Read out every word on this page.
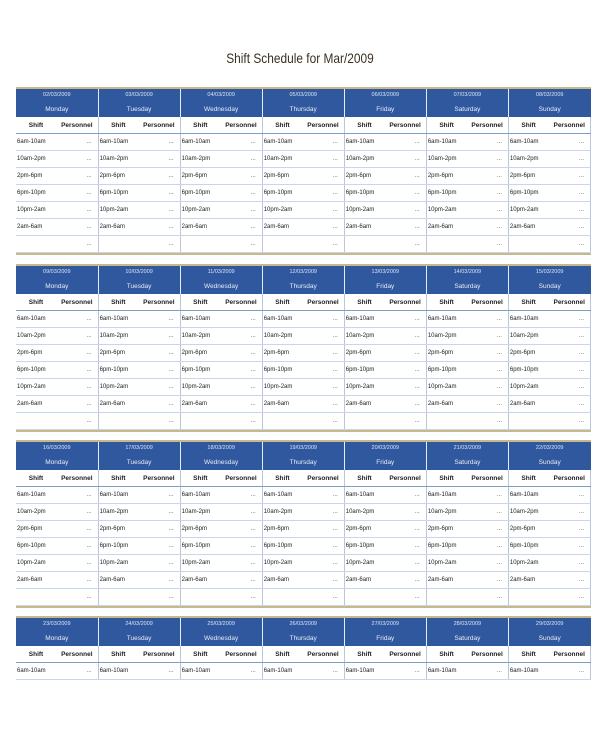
Shift Schedule for Mar/2009
02/03/2009		03/03/2009		04/03/2009		05/03/2009		06/03/2009		07/03/2009		08/03/2009	
Monday		Tuesday		Wednesday		Thursday		Friday		Saturday		Sunday	
Shift	Personnel	Shift	Personnel	Shift	Personnel	Shift	Personnel	Shift	Personnel	Shift	Personnel	Shift	Personnel
6am-10am	...	6am-10am	...	6am-10am	...	6am-10am	...	6am-10am	...	6am-10am	...	6am-10am	...
10am-2pm	...	10am-2pm	...	10am-2pm	...	10am-2pm	...	10am-2pm	...	10am-2pm	...	10am-2pm	...
2pm-6pm	...	2pm-6pm	...	2pm-6pm	...	2pm-6pm	...	2pm-6pm	...	2pm-6pm	...	2pm-6pm	...
6pm-10pm	...	6pm-10pm	...	6pm-10pm	...	6pm-10pm	...	6pm-10pm	...	6pm-10pm	...	6pm-10pm	...
10pm-2am	...	10pm-2am	...	10pm-2am	...	10pm-2am	...	10pm-2am	...	10pm-2am	...	10pm-2am	...
2am-6am	...	2am-6am	...	2am-6am	...	2am-6am	...	2am-6am	...	2am-6am	...	2am-6am	...
	...		...		...		...		...		...		...
09/03/2009		10/03/2009		11/03/2009		12/03/2009		13/03/2009		14/03/2009		15/03/2009	
Monday		Tuesday		Wednesday		Thursday		Friday		Saturday		Sunday	
Shift	Personnel	Shift	Personnel	Shift	Personnel	Shift	Personnel	Shift	Personnel	Shift	Personnel	Shift	Personnel
6am-10am	...	6am-10am	...	6am-10am	...	6am-10am	...	6am-10am	...	6am-10am	...	6am-10am	...
10am-2pm	...	10am-2pm	...	10am-2pm	...	10am-2pm	...	10am-2pm	...	10am-2pm	...	10am-2pm	...
2pm-6pm	...	2pm-6pm	...	2pm-6pm	...	2pm-6pm	...	2pm-6pm	...	2pm-6pm	...	2pm-6pm	...
6pm-10pm	...	6pm-10pm	...	6pm-10pm	...	6pm-10pm	...	6pm-10pm	...	6pm-10pm	...	6pm-10pm	...
10pm-2am	...	10pm-2am	...	10pm-2am	...	10pm-2am	...	10pm-2am	...	10pm-2am	...	10pm-2am	...
2am-6am	...	2am-6am	...	2am-6am	...	2am-6am	...	2am-6am	...	2am-6am	...	2am-6am	...
	...		...		...		...		...		...		...
16/03/2009		17/03/2009		18/03/2009		19/03/2009		20/03/2009		21/03/2009		22/03/2009	
Monday		Tuesday		Wednesday		Thursday		Friday		Saturday		Sunday	
Shift	Personnel	Shift	Personnel	Shift	Personnel	Shift	Personnel	Shift	Personnel	Shift	Personnel	Shift	Personnel
6am-10am	...	6am-10am	...	6am-10am	...	6am-10am	...	6am-10am	...	6am-10am	...	6am-10am	...
10am-2pm	...	10am-2pm	...	10am-2pm	...	10am-2pm	...	10am-2pm	...	10am-2pm	...	10am-2pm	...
2pm-6pm	...	2pm-6pm	...	2pm-6pm	...	2pm-6pm	...	2pm-6pm	...	2pm-6pm	...	2pm-6pm	...
6pm-10pm	...	6pm-10pm	...	6pm-10pm	...	6pm-10pm	...	6pm-10pm	...	6pm-10pm	...	6pm-10pm	...
10pm-2am	...	10pm-2am	...	10pm-2am	...	10pm-2am	...	10pm-2am	...	10pm-2am	...	10pm-2am	...
2am-6am	...	2am-6am	...	2am-6am	...	2am-6am	...	2am-6am	...	2am-6am	...	2am-6am	...
	...		...		...		...		...		...		...
23/03/2009		24/03/2009		25/03/2009		26/03/2009		27/03/2009		28/03/2009		29/03/2009	
Monday		Tuesday		Wednesday		Thursday		Friday		Saturday		Sunday	
Shift	Personnel	Shift	Personnel	Shift	Personnel	Shift	Personnel	Shift	Personnel	Shift	Personnel	Shift	Personnel
6am-10am	...	6am-10am	...	6am-10am	...	6am-10am	...	6am-10am	...	6am-10am	...	6am-10am	...
